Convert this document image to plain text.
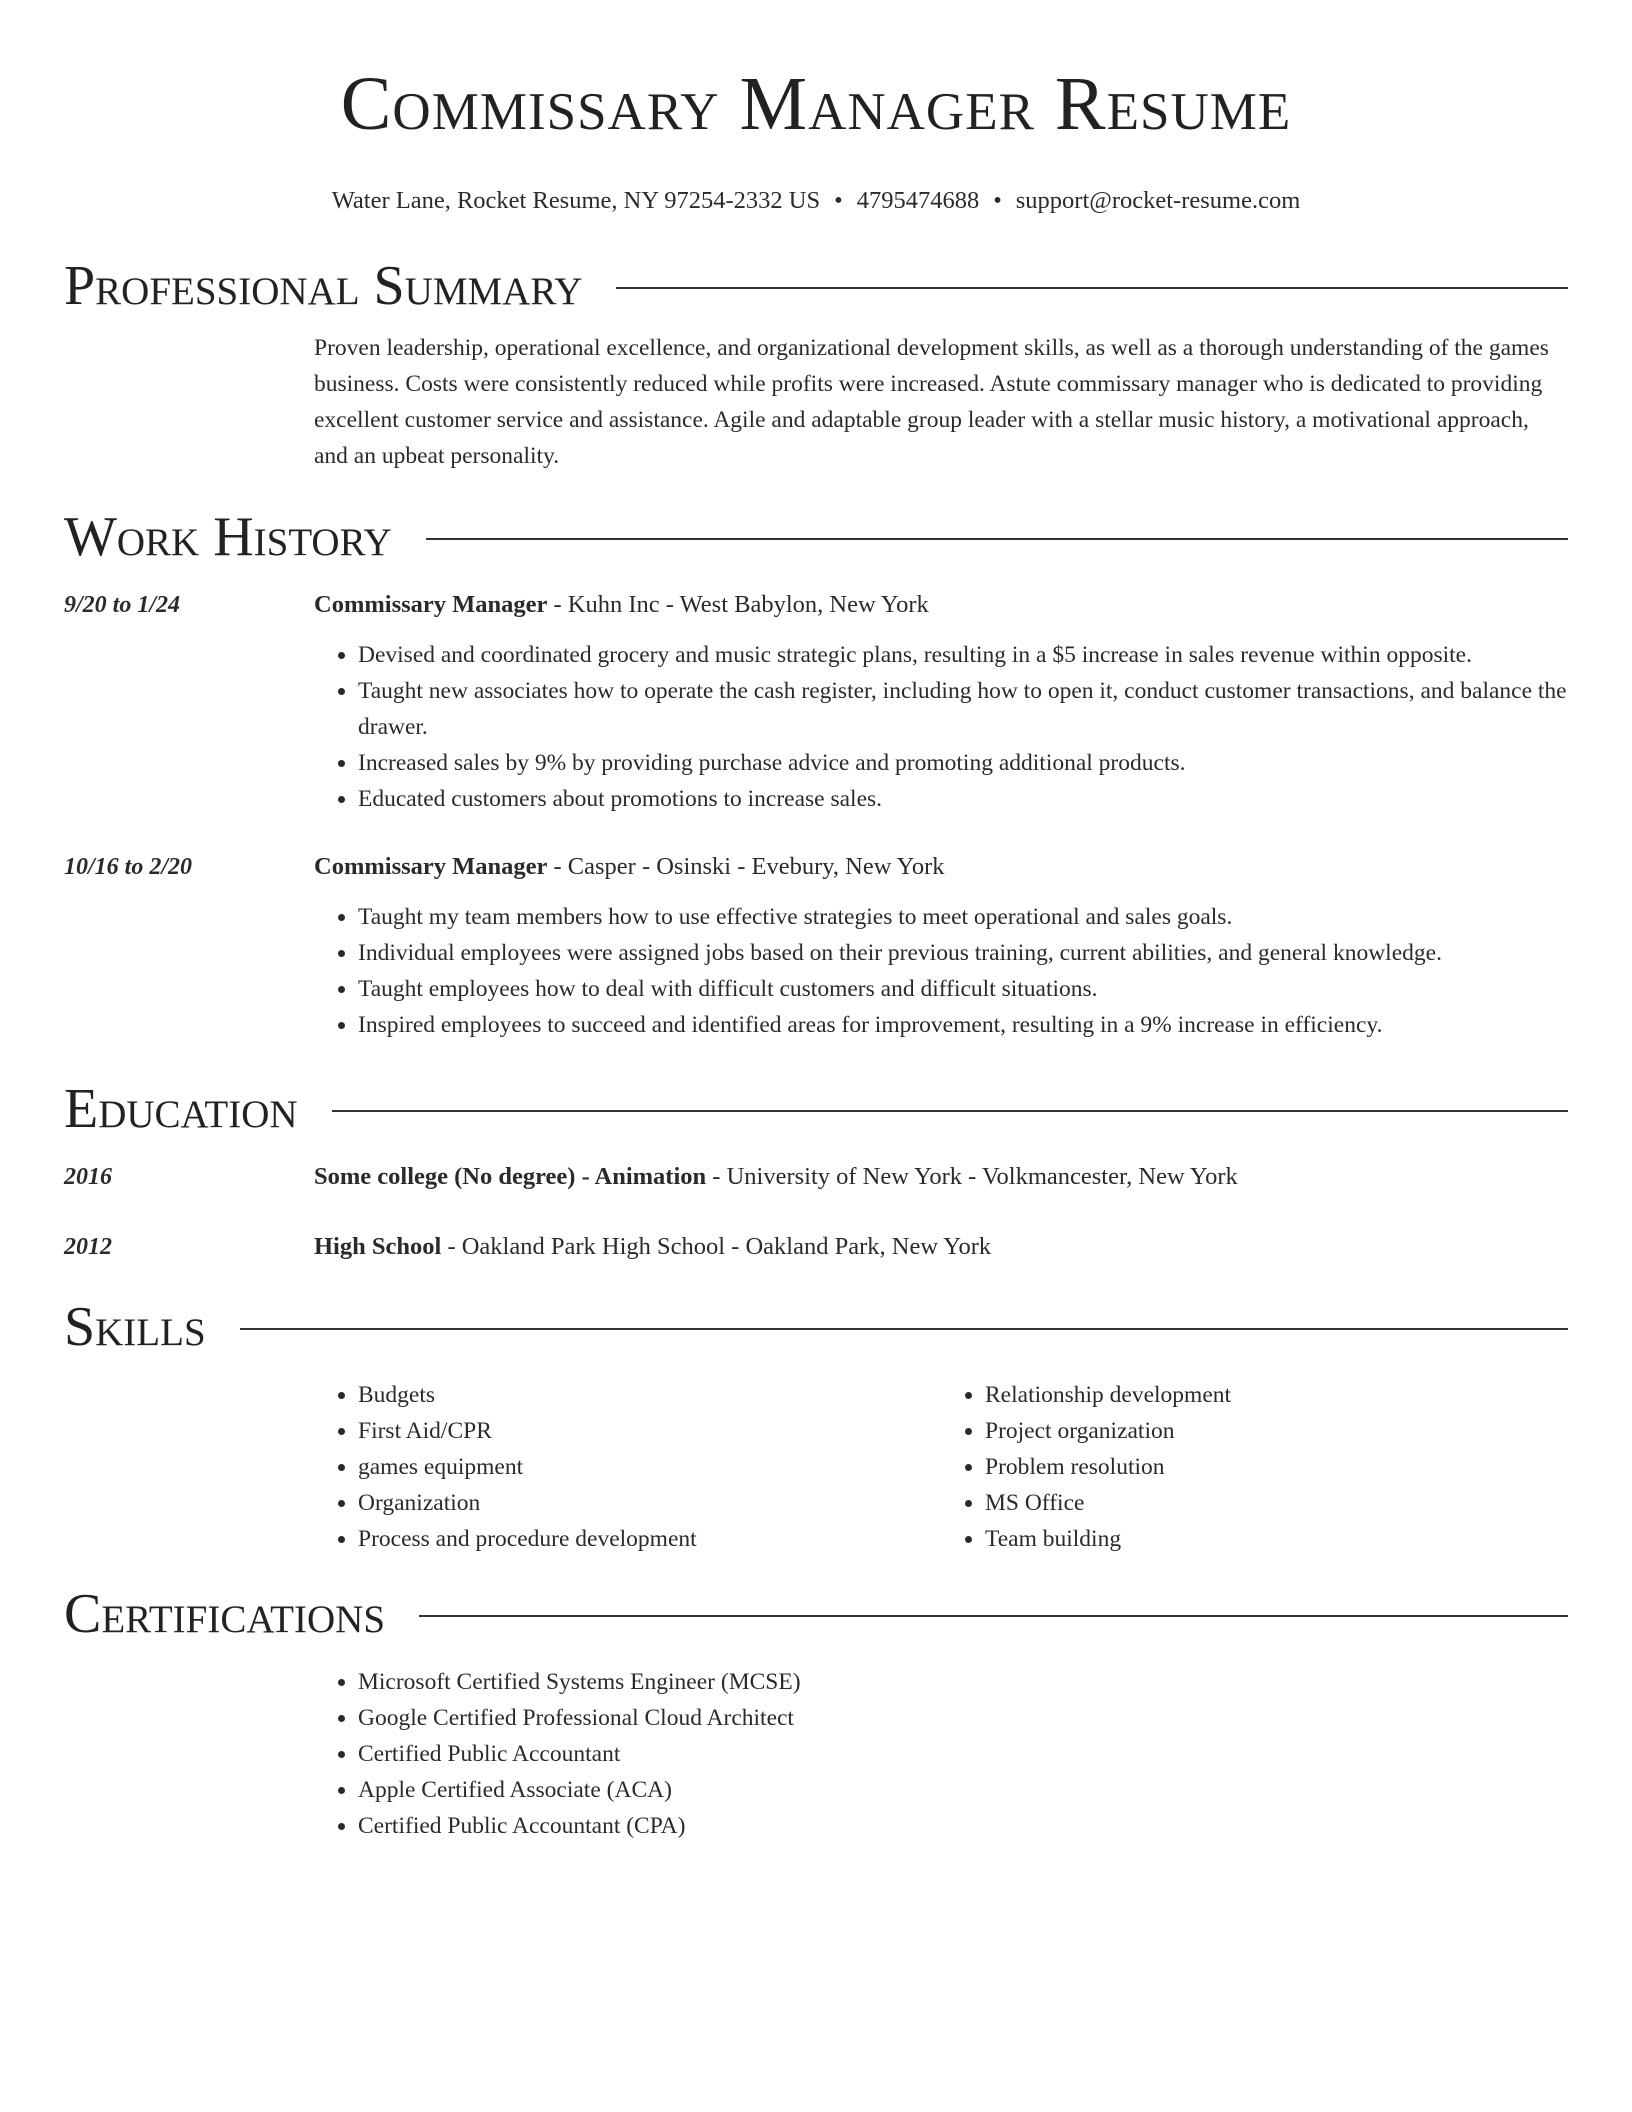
Commissary Manager Resume
Water Lane, Rocket Resume, NY 97254-2332 US • 4795474688 • support@rocket-resume.com
Professional Summary
Proven leadership, operational excellence, and organizational development skills, as well as a thorough understanding of the games business. Costs were consistently reduced while profits were increased. Astute commissary manager who is dedicated to providing excellent customer service and assistance. Agile and adaptable group leader with a stellar music history, a motivational approach, and an upbeat personality.
Work History
9/20 to 1/24	Commissary Manager - Kuhn Inc - West Babylon, New York
• Devised and coordinated grocery and music strategic plans, resulting in a $5 increase in sales revenue within opposite.
• Taught new associates how to operate the cash register, including how to open it, conduct customer transactions, and balance the drawer.
• Increased sales by 9% by providing purchase advice and promoting additional products.
• Educated customers about promotions to increase sales.
10/16 to 2/20	Commissary Manager - Casper - Osinski - Evebury, New York
• Taught my team members how to use effective strategies to meet operational and sales goals.
• Individual employees were assigned jobs based on their previous training, current abilities, and general knowledge.
• Taught employees how to deal with difficult customers and difficult situations.
• Inspired employees to succeed and identified areas for improvement, resulting in a 9% increase in efficiency.
Education
2016	Some college (No degree) - Animation - University of New York - Volkmancester, New York
2012	High School - Oakland Park High School - Oakland Park, New York
Skills
• Budgets
• First Aid/CPR
• games equipment
• Organization
• Process and procedure development
• Relationship development
• Project organization
• Problem resolution
• MS Office
• Team building
Certifications
• Microsoft Certified Systems Engineer (MCSE)
• Google Certified Professional Cloud Architect
• Certified Public Accountant
• Apple Certified Associate (ACA)
• Certified Public Accountant (CPA)
